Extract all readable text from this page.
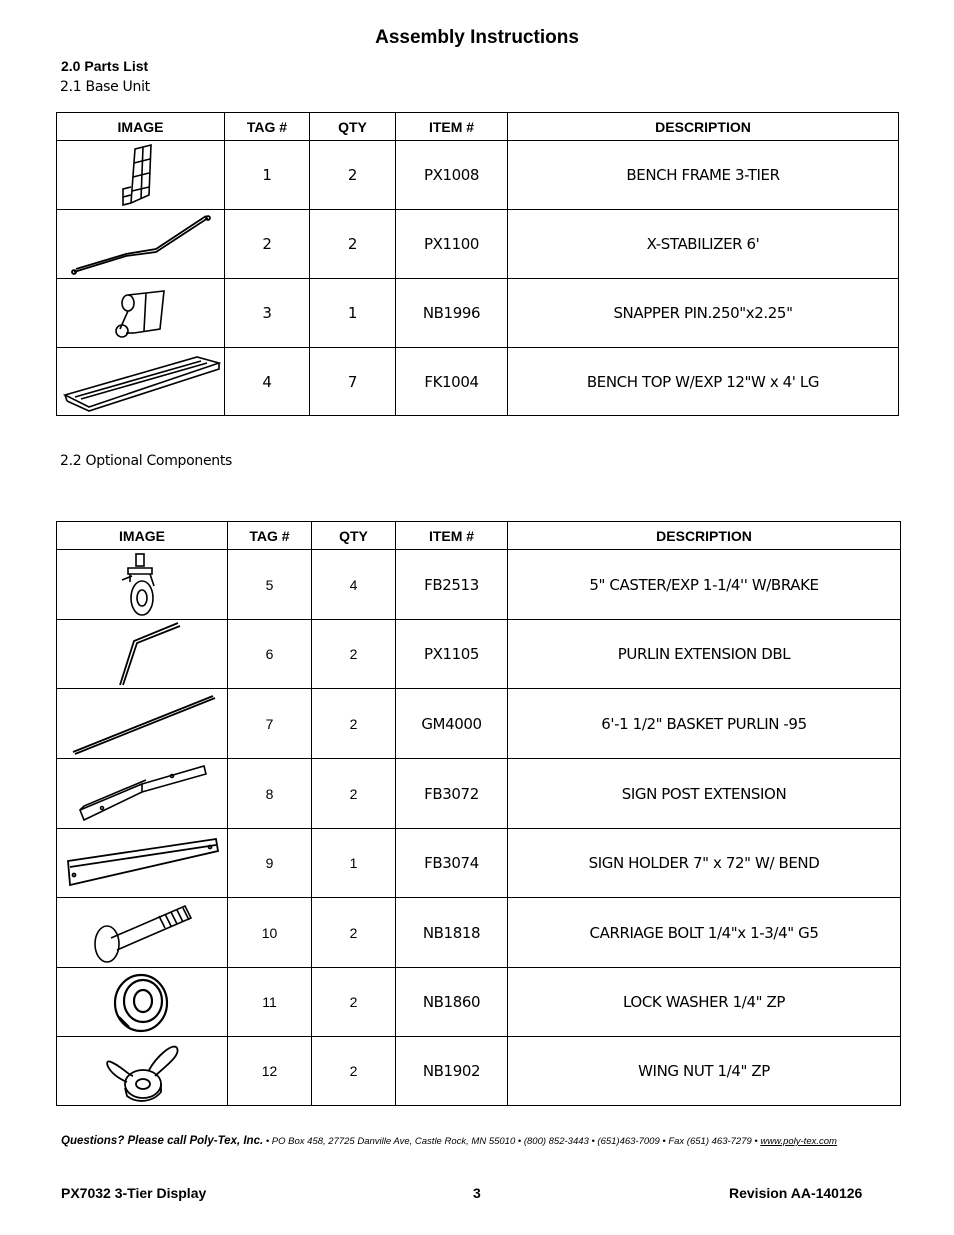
Assembly Instructions
2.0 Parts List
2.1 Base Unit
IMAGE	TAG #	QTY	ITEM #	DESCRIPTION

	1	2	PX1008	BENCH FRAME 3-TIER

	2	2	PX1100	X-STABILIZER 6'

	3	1	NB1996	SNAPPER PIN.250"x2.25"

	4	7	FK1004	BENCH TOP W/EXP 12"W x 4' LG
2.2 Optional Components
IMAGE	TAG #	QTY	ITEM #	DESCRIPTION

	5	4	FB2513	5" CASTER/EXP 1-1/4'' W/BRAKE

	6	2	PX1105	PURLIN EXTENSION DBL

	7	2	GM4000	6'-1 1/2" BASKET PURLIN -95

	8	2	FB3072	SIGN POST EXTENSION

	9	1	FB3074	SIGN HOLDER 7" x 72" W/ BEND

	10	2	NB1818	CARRIAGE BOLT 1/4"x 1-3/4" G5

	11	2	NB1860	LOCK WASHER 1/4" ZP

	12	2	NB1902	WING NUT 1/4" ZP
Questions? Please call Poly-Tex, Inc. • PO Box 458, 27725 Danville Ave, Castle Rock, MN 55010 • (800) 852-3443 • (651)463-7009 • Fax (651) 463-7279 • www.poly-tex.com
PX7032 3-Tier Display	3	Revision AA-140126
